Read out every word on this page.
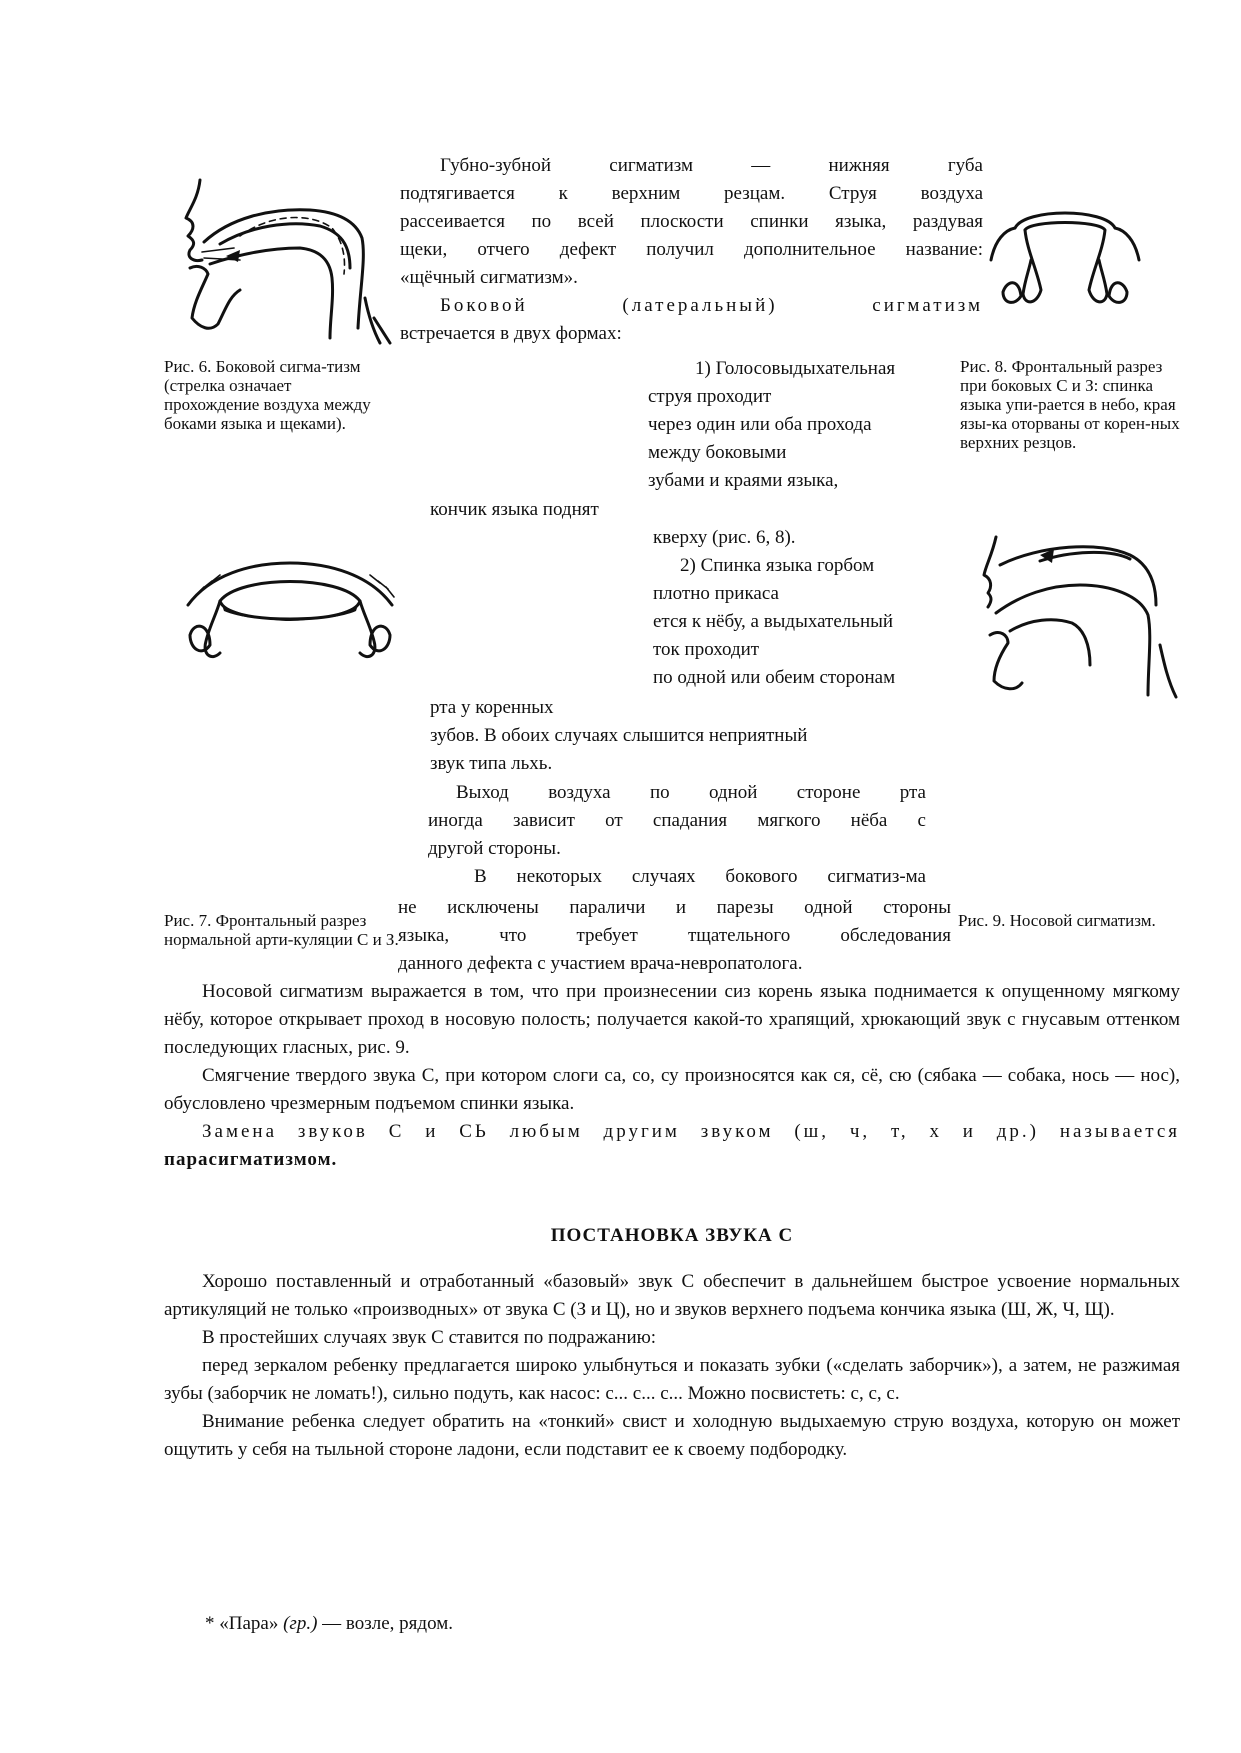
Рис. 6. Боковой сигма-тизм (стрелка означает прохождение воздуха между боками языка и щеками).

Рис. 8. Фронтальный разрез при боковых С и З: спинка языка упи-рается в небо, края язы-ка оторваны от корен-ных верхних резцов.

Рис. 7. Фронтальный разрез нормальной арти-куляции С и З.

Рис. 9. Носовой сигматизм.

Губно-зубной сигматизм — нижняя губа

подтягивается к верхним резцам. Струя воздуха

рассеивается по всей плоскости спинки языка, раздувая

щеки, отчего дефект получил дополнительное название:

«щёчный сигматизм».

Боковой (латеральный) сигматизм

встречается в двух формах:

1) Голосовыдыхательная

струя проходит

через один или оба прохода

между боковыми

зубами и краями языка,

кончик языка поднят

кверху (рис. 6, 8).

2) Спинка языка горбом

плотно прикаса

ется к нёбу, а выдыхательный

ток проходит

по одной или обеим сторонам

рта у коренных

зубов. В обоих случаях слышится неприятный

звук типа льхь.

Выход воздуха по одной стороне рта

иногда зависит от спадания мягкого нёба с

другой стороны.

В некоторых случаях бокового сигматиз-ма

не исключены параличи и парезы одной стороны

языка, что требует тщательного обследования

данного дефекта с участием врача-невропатолога.

Носовой сигматизм выражается в том, что при произнесении сиз корень языка поднимается к опущенному мягкому нёбу, которое открывает проход в носовую полость; получается какой-то храпящий, хрюкающий звук с гнусавым оттенком последующих гласных, рис. 9.

Смягчение твердого звука С, при котором слоги са, со, су произносятся как ся, сё, сю (сябака — собака, нось — нос), обусловлено чрезмерным подъемом спинки языка.

Замена звуков С и СЬ любым другим звуком (ш, ч, т, х и др.) называется

парасигматизмом.

ПОСТАНОВКА ЗВУКА С

Хорошо поставленный и отработанный «базовый» звук С обеспечит в дальнейшем быстрое усвоение нормальных артикуляций не только «производных» от звука С (З и Ц), но и звуков верхнего подъема кончика языка (Ш, Ж, Ч, Щ).

В простейших случаях звук С ставится по подражанию:

перед зеркалом ребенку предлагается широко улыбнуться и показать зубки («сделать заборчик»), а затем, не разжимая зубы (заборчик не ломать!), сильно подуть, как насос: с... с... с... Можно посвистеть: с, с, с.

Внимание ребенка следует обратить на «тонкий» свист и холодную выдыхаемую струю воздуха, которую он может ощутить у себя на тыльной стороне ладони, если подставит ее к своему подбородку.

* «Пара» (гр.) — возле, рядом.
